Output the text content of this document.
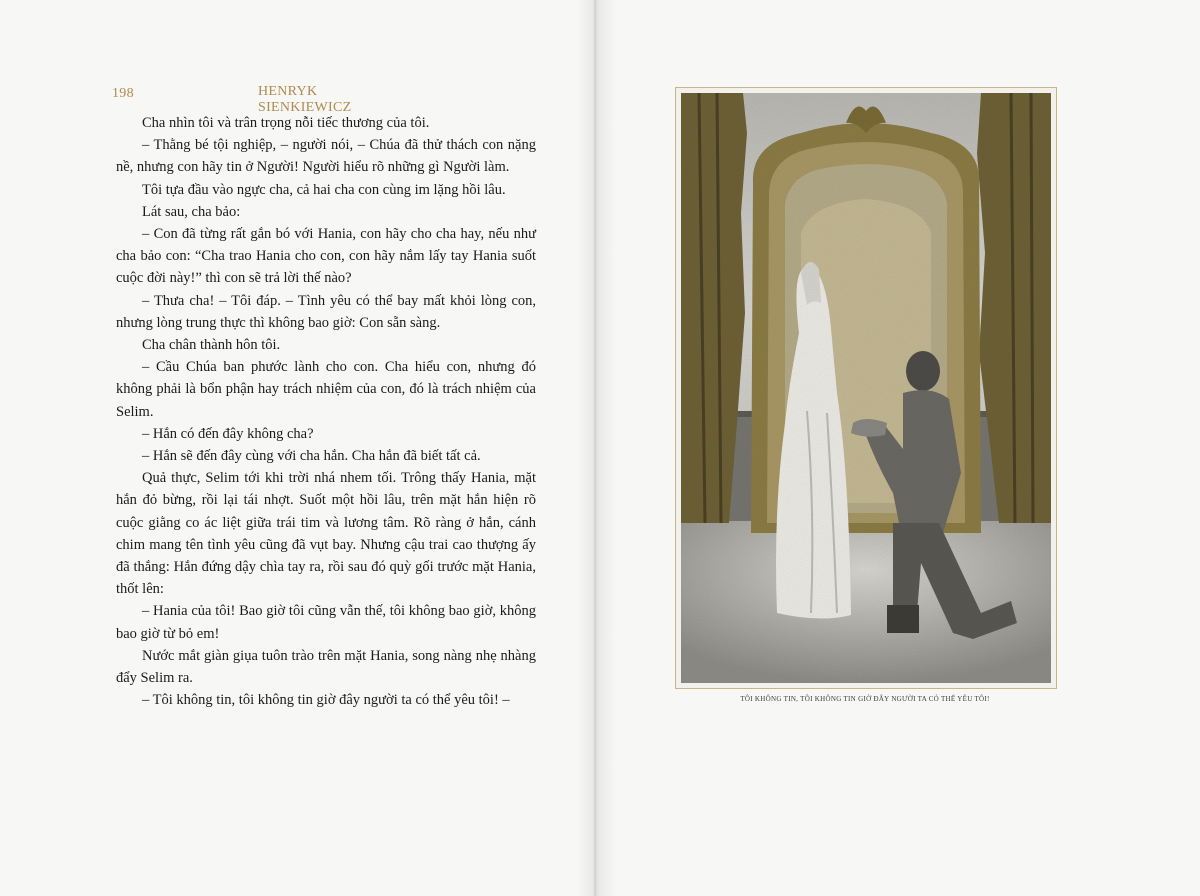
198	HENRYK SIENKIEWICZ

Cha nhìn tôi và trân trọng nỗi tiếc thương của tôi.

– Thằng bé tội nghiệp, – người nói, – Chúa đã thử thách con nặng nề, nhưng con hãy tin ở Người! Người hiểu rõ những gì Người làm.

Tôi tựa đầu vào ngực cha, cả hai cha con cùng im lặng hồi lâu.

Lát sau, cha bảo:

– Con đã từng rất gắn bó với Hania, con hãy cho cha hay, nếu như cha bảo con: “Cha trao Hania cho con, con hãy nắm lấy tay Hania suốt cuộc đời này!” thì con sẽ trả lời thế nào?

– Thưa cha! – Tôi đáp. – Tình yêu có thể bay mất khỏi lòng con, nhưng lòng trung thực thì không bao giờ: Con sẵn sàng.

Cha chân thành hôn tôi.

– Cầu Chúa ban phước lành cho con. Cha hiểu con, nhưng đó không phải là bổn phận hay trách nhiệm của con, đó là trách nhiệm của Selim.

– Hắn có đến đây không cha?

– Hắn sẽ đến đây cùng với cha hắn. Cha hắn đã biết tất cả.

Quả thực, Selim tới khi trời nhá nhem tối. Trông thấy Hania, mặt hắn đỏ bừng, rồi lại tái nhợt. Suốt một hồi lâu, trên mặt hắn hiện rõ cuộc giằng co ác liệt giữa trái tim và lương tâm. Rõ ràng ở hắn, cánh chim mang tên tình yêu cũng đã vụt bay. Nhưng cậu trai cao thượng ấy đã thắng: Hắn đứng dậy chìa tay ra, rồi sau đó quỳ gối trước mặt Hania, thốt lên:

– Hania của tôi! Bao giờ tôi cũng vẫn thế, tôi không bao giờ, không bao giờ từ bỏ em!

Nước mắt giàn giụa tuôn trào trên mặt Hania, song nàng nhẹ nhàng đẩy Selim ra.

– Tôi không tin, tôi không tin giờ đây người ta có thể yêu tôi! –	TÔI KHÔNG TIN, TÔI KHÔNG TIN GIỜ ĐÂY NGƯỜI TA CÓ THỂ YÊU TÔI!
